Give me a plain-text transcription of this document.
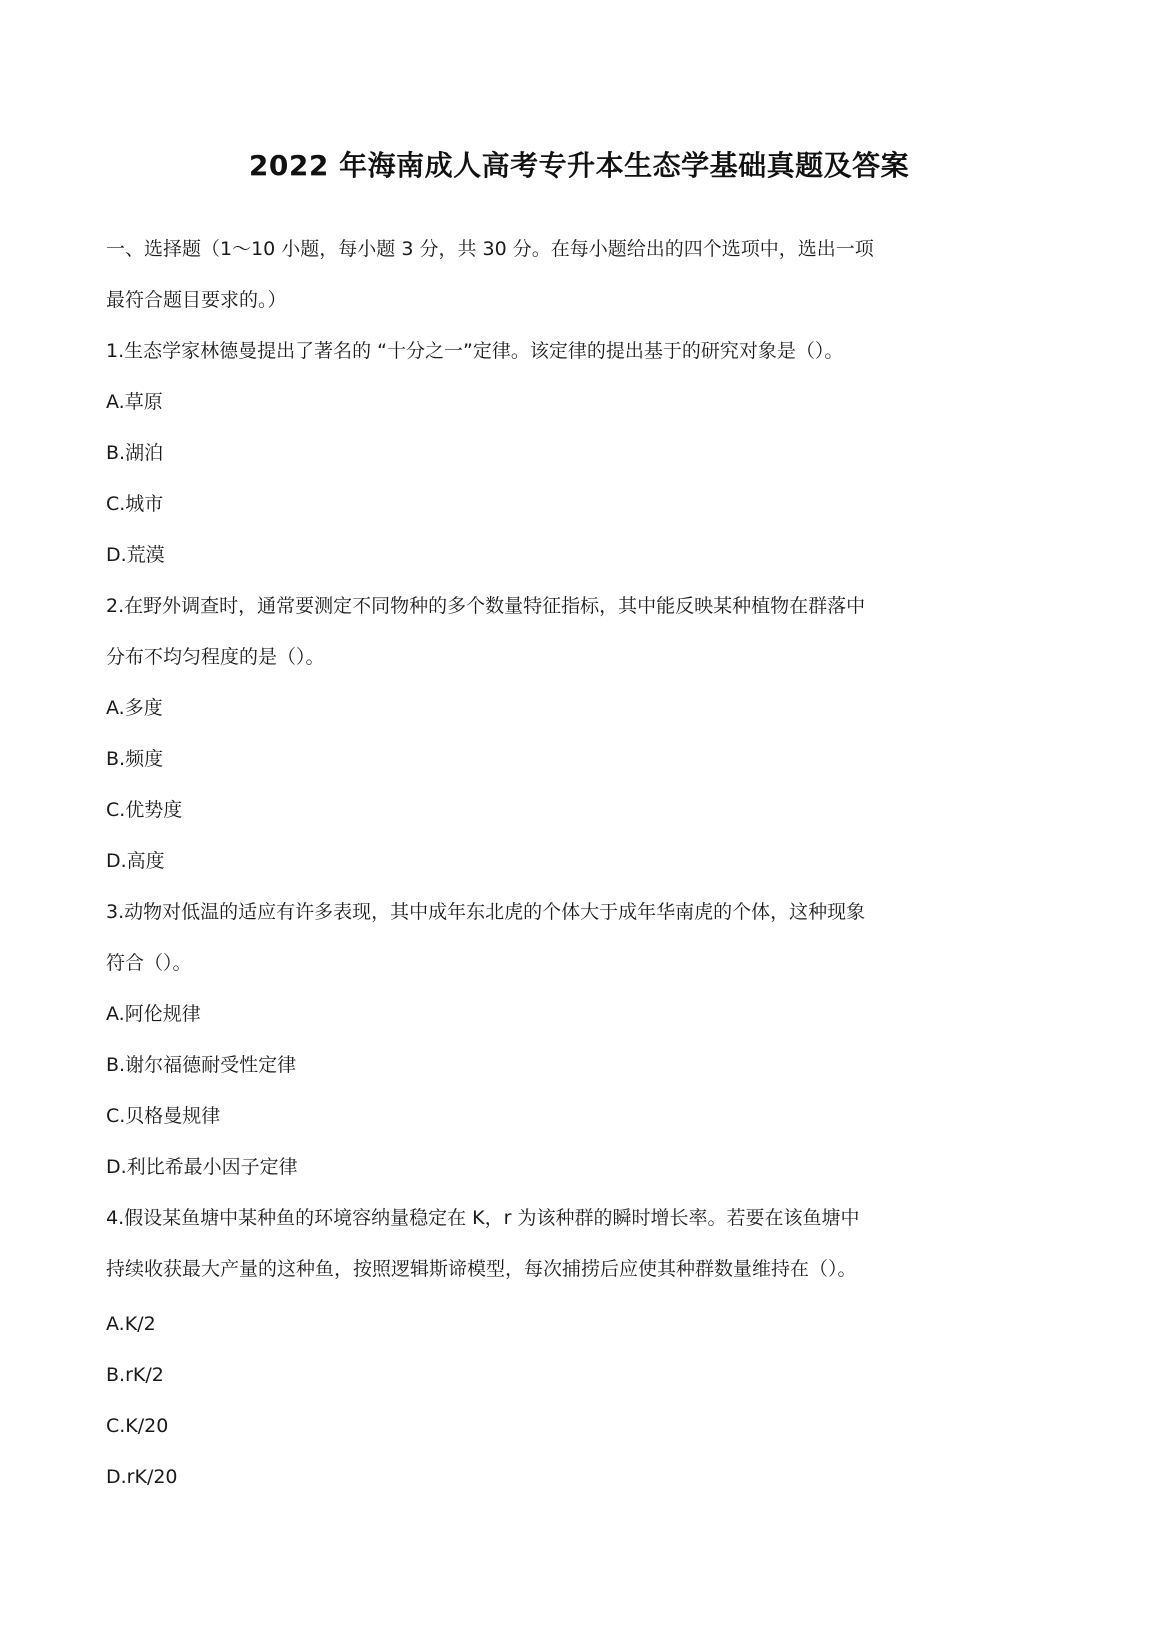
2022 年海南成人高考专升本生态学基础真题及答案
一、选择题（1〜10 小题，每小题 3 分，共 30 分。在每小题给出的四个选项中，选出一项
最符合题目要求的。）
1.生态学家林德曼提出了著名的 “十分之一”定律。该定律的提出基于的研究对象是（）。
A.草原
B.湖泊
C.城市
D.荒漠
2.在野外调查时，通常要测定不同物种的多个数量特征指标，其中能反映某种植物在群落中
分布不均匀程度的是（）。
A.多度
B.频度
C.优势度
D.高度
3.动物对低温的适应有许多表现，其中成年东北虎的个体大于成年华南虎的个体，这种现象
符合（）。
A.阿伦规律
B.谢尔福德耐受性定律
C.贝格曼规律
D.利比希最小因子定律
4.假设某鱼塘中某种鱼的环境容纳量稳定在 K，r 为该种群的瞬时增长率。若要在该鱼塘中
持续收获最大产量的这种鱼，按照逻辑斯谛模型，每次捕捞后应使其种群数量维持在（）。
A.K/2
B.rK/2
C.K/20
D.rK/20
